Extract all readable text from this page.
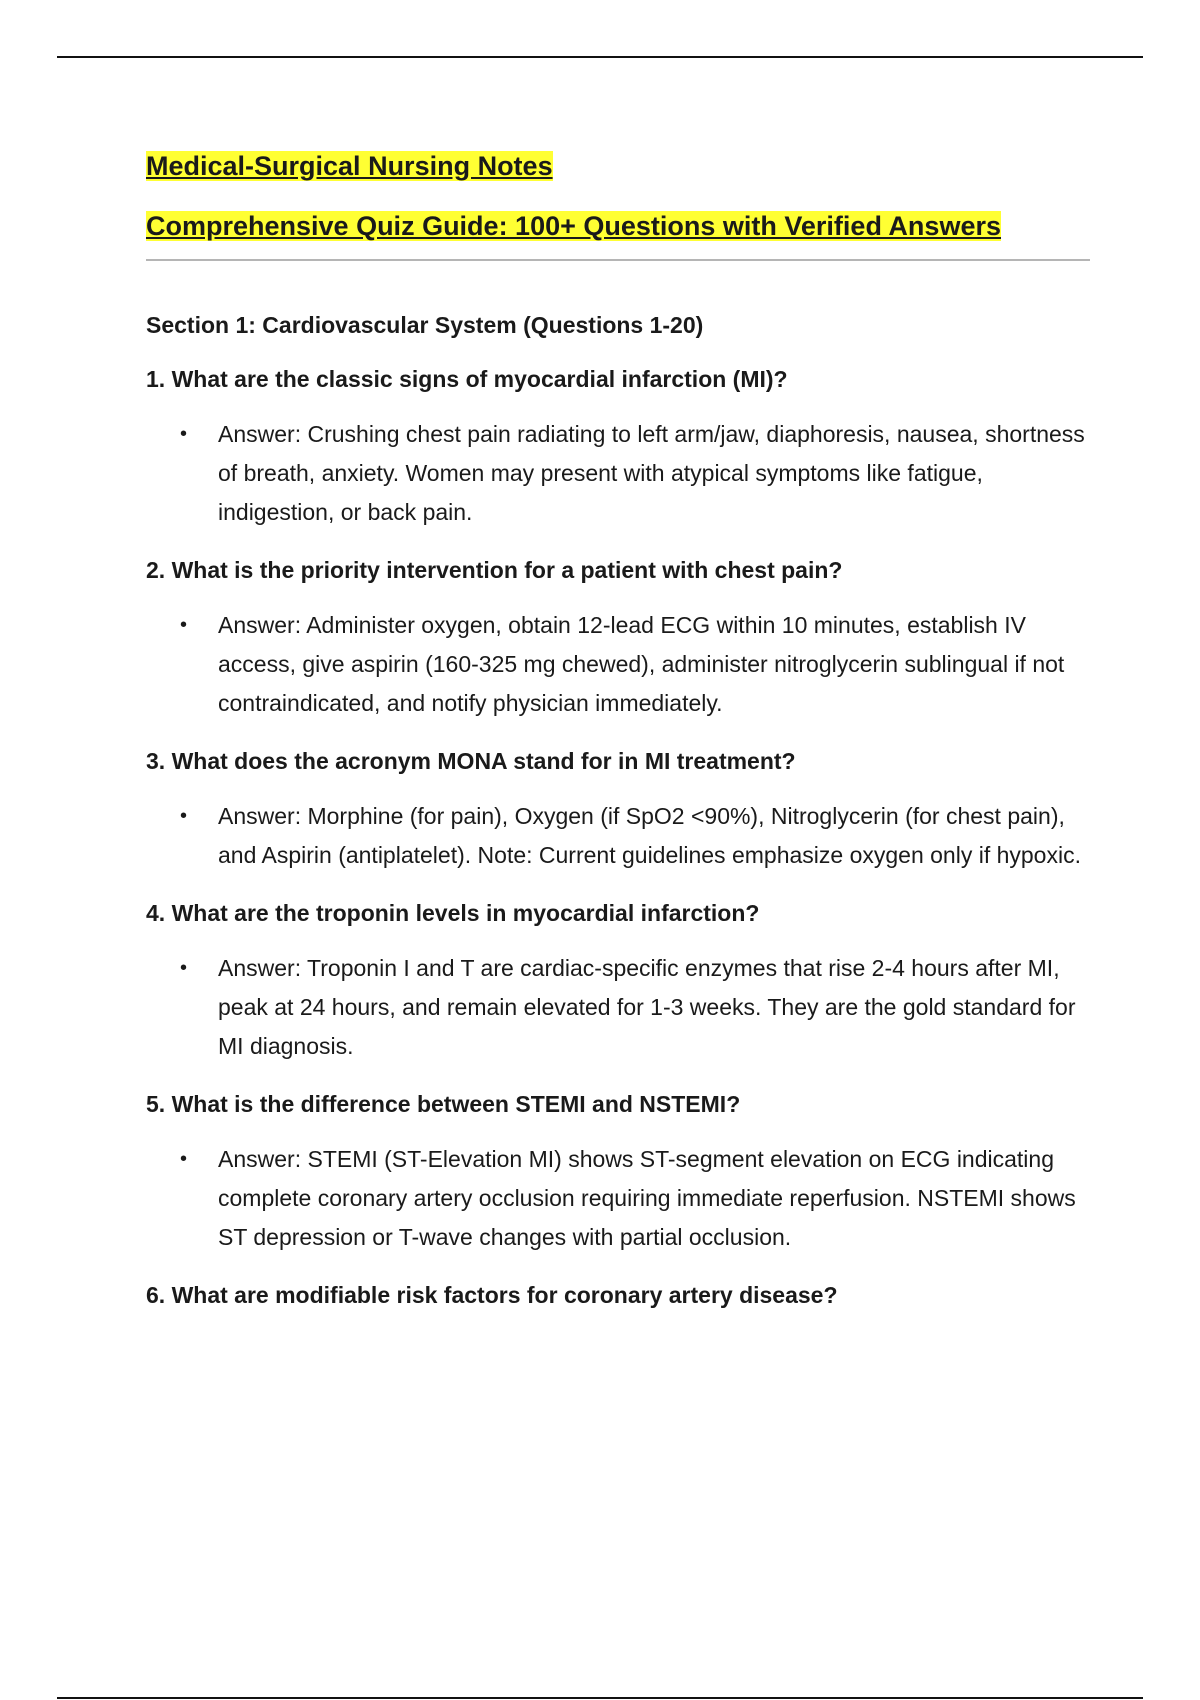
Medical-Surgical Nursing Notes
Comprehensive Quiz Guide: 100+ Questions with Verified Answers
Section 1: Cardiovascular System (Questions 1-20)

1. What are the classic signs of myocardial infarction (MI)?

• Answer: Crushing chest pain radiating to left arm/jaw, diaphoresis, nausea, shortness of breath, anxiety. Women may present with atypical symptoms like fatigue, indigestion, or back pain.

2. What is the priority intervention for a patient with chest pain?

• Answer: Administer oxygen, obtain 12-lead ECG within 10 minutes, establish IV access, give aspirin (160-325 mg chewed), administer nitroglycerin sublingual if not contraindicated, and notify physician immediately.

3. What does the acronym MONA stand for in MI treatment?

• Answer: Morphine (for pain), Oxygen (if SpO2 <90%), Nitroglycerin (for chest pain), and Aspirin (antiplatelet). Note: Current guidelines emphasize oxygen only if hypoxic.

4. What are the troponin levels in myocardial infarction?

• Answer: Troponin I and T are cardiac-specific enzymes that rise 2-4 hours after MI, peak at 24 hours, and remain elevated for 1-3 weeks. They are the gold standard for MI diagnosis.

5. What is the difference between STEMI and NSTEMI?

• Answer: STEMI (ST-Elevation MI) shows ST-segment elevation on ECG indicating complete coronary artery occlusion requiring immediate reperfusion. NSTEMI shows ST depression or T-wave changes with partial occlusion.

6. What are modifiable risk factors for coronary artery disease?
